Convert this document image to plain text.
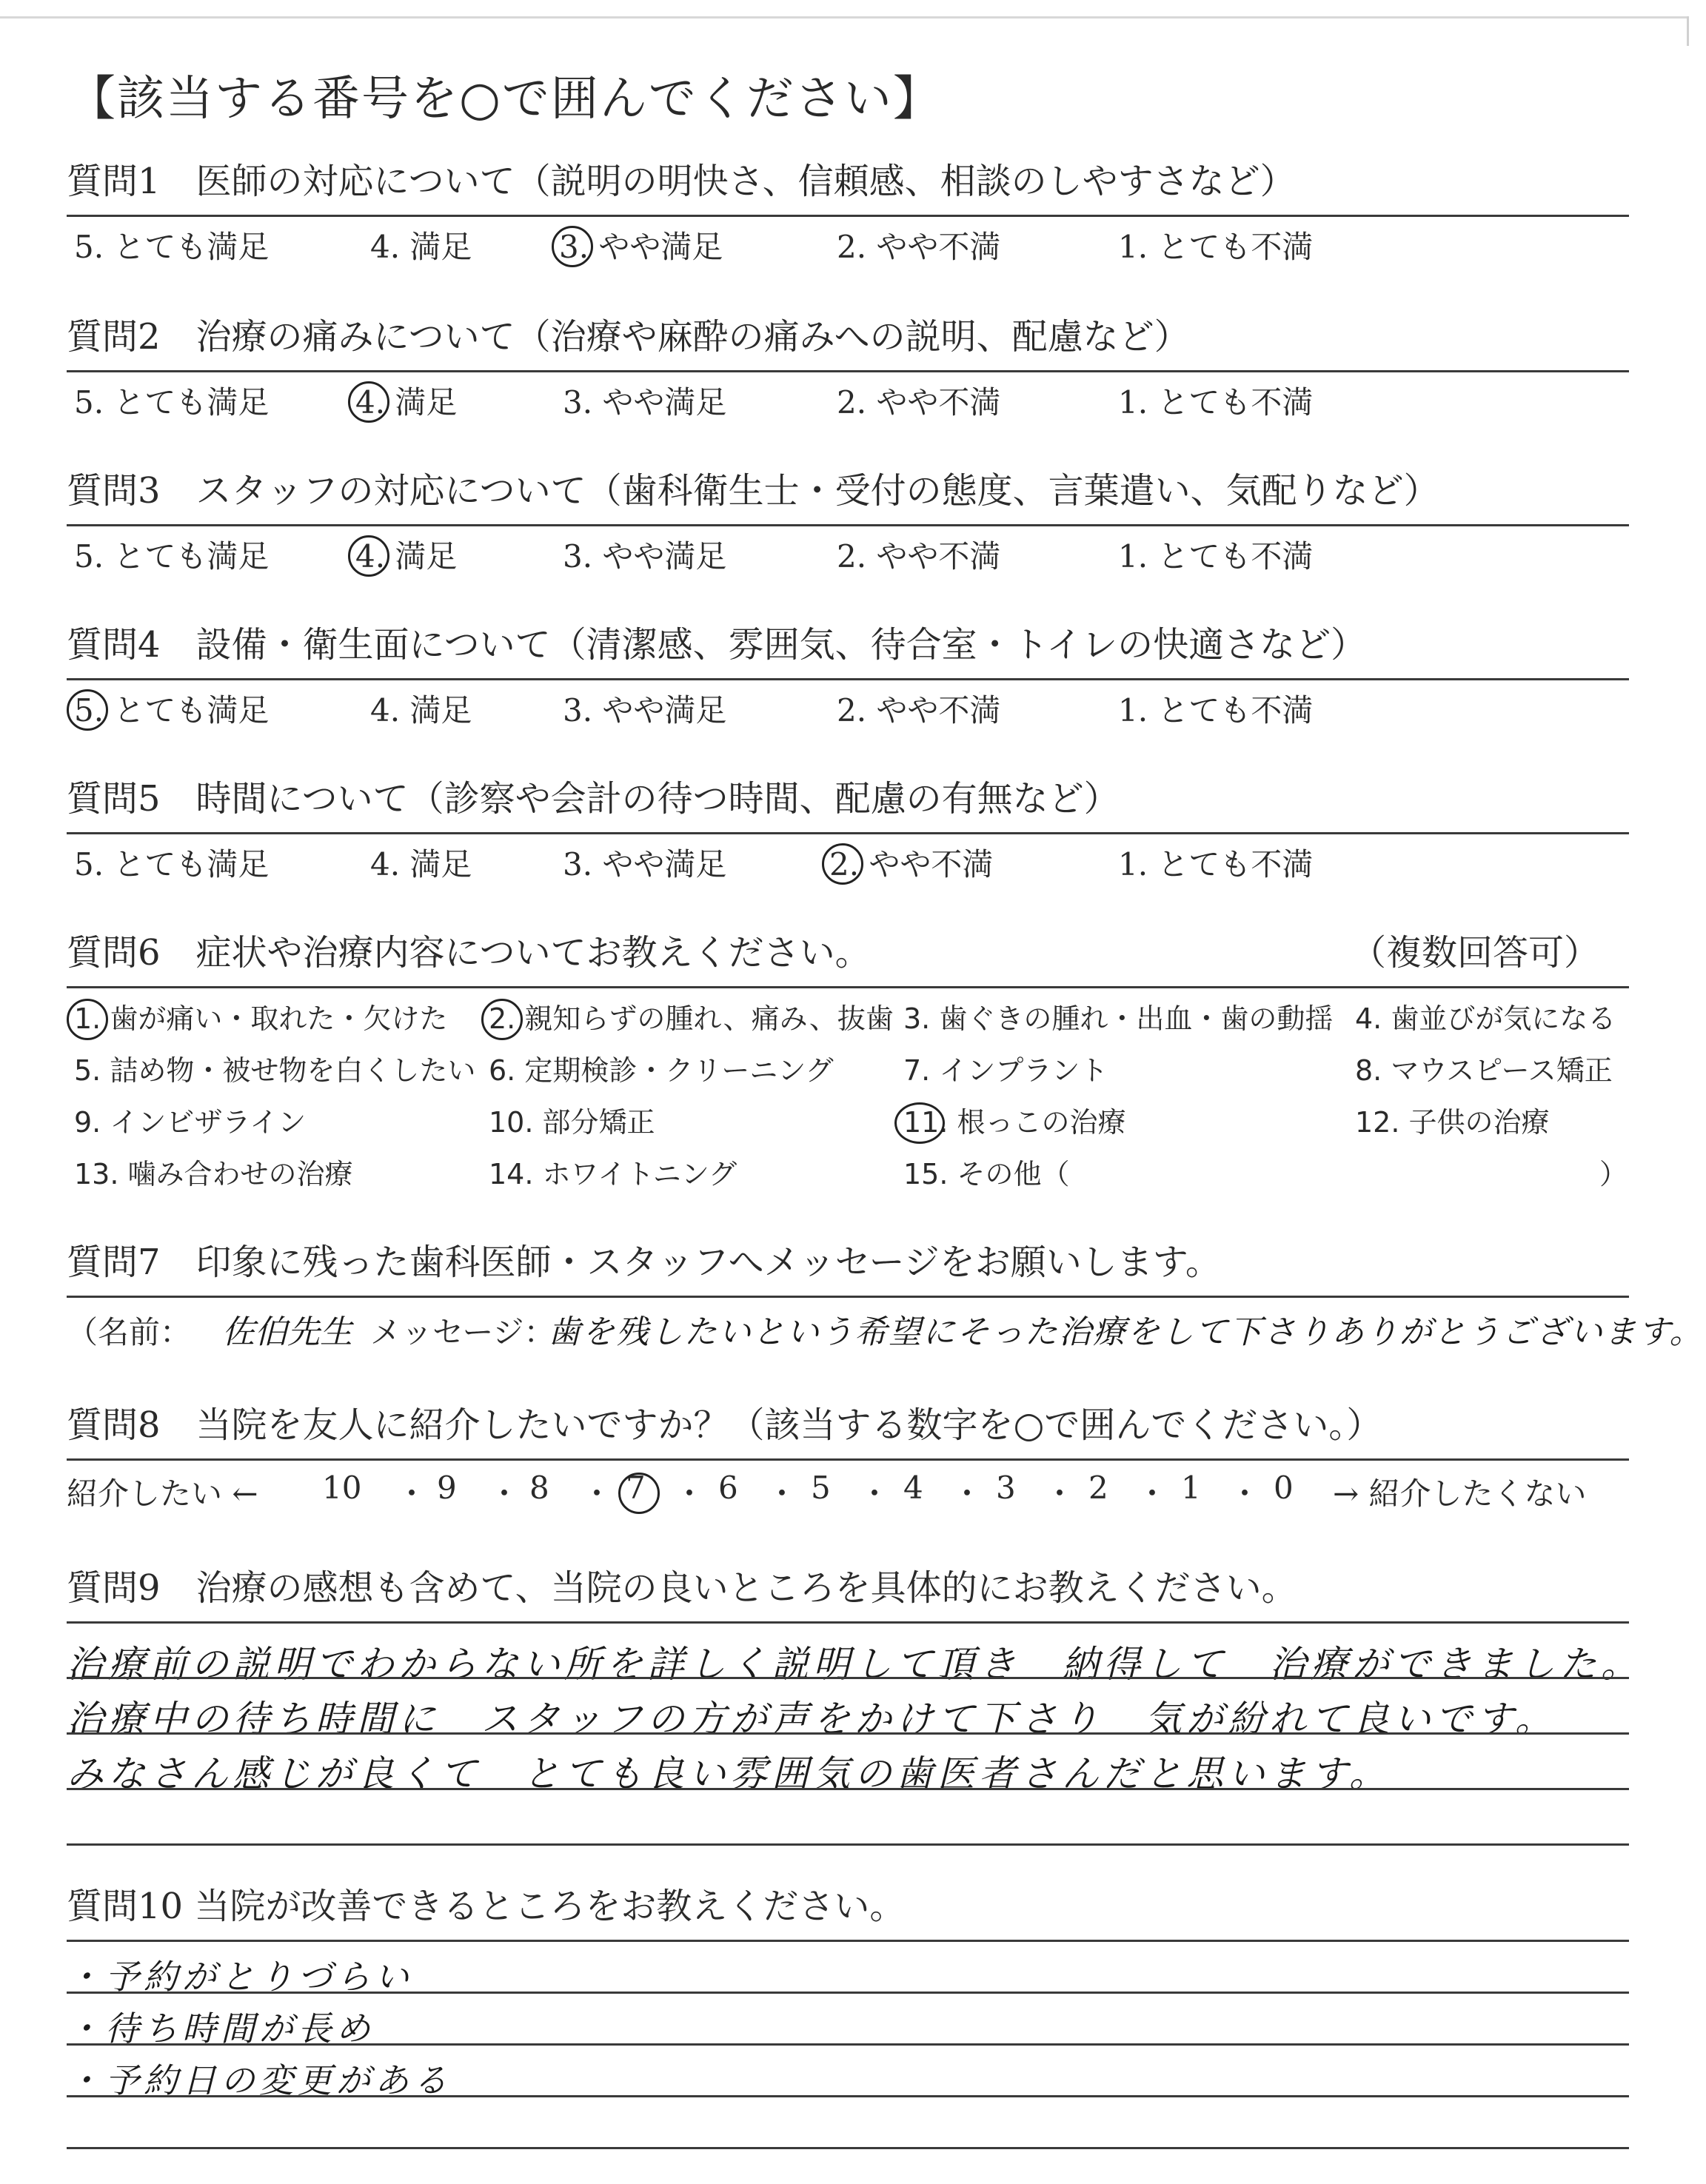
【該当する番号を○で囲んでください】
質問1　医師の対応について（説明の明快さ、信頼感、相談のしやすさなど）
5. とても満足	4. 満足	3. やや満足	2. やや不満	1. とても不満
質問2　治療の痛みについて（治療や麻酔の痛みへの説明、配慮など）
5. とても満足	4. 満足	3. やや満足	2. やや不満	1. とても不満
質問3　スタッフの対応について（歯科衛生士・受付の態度、言葉遣い、気配りなど）
5. とても満足	4. 満足	3. やや満足	2. やや不満	1. とても不満
質問4　設備・衛生面について（清潔感、雰囲気、待合室・トイレの快適さなど）
5. とても満足	4. 満足	3. やや満足	2. やや不満	1. とても不満
質問5　時間について（診察や会計の待つ時間、配慮の有無など）
5. とても満足	4. 満足	3. やや満足	2. やや不満	1. とても不満
質問6　症状や治療内容についてお教えください。	（複数回答可）
1. 歯が痛い・取れた・欠けた 2. 親知らずの腫れ、痛み、抜歯 3. 歯ぐきの腫れ・出血・歯の動揺 4. 歯並びが気になる
5. 詰め物・被せ物を白くしたい 6. 定期検診・クリーニング 7. インプラント	8. マウスピース矯正
9. インビザライン	10. 部分矯正	11. 根っこの治療	12. 子供の治療
13. 噛み合わせの治療	14. ホワイトニング	15. その他（	）
質問7　印象に残った歯科医師・スタッフへメッセージをお願いします。
（名前： 佐伯先生 メッセージ：
歯を残したいという希望にそった治療をして下さりありがとうございます。
質問8　当院を友人に紹介したいですか？（該当する数字を○で囲んでください。）
紹介したい ← 10 ・ 9 ・ 8 ・ 7 ・ 6 ・ 5 ・ 4 ・ 3 ・ 2 ・ 1 ・ 0 → 紹介したくない
質問9　治療の感想も含めて、当院の良いところを具体的にお教えください。
治療前の説明でわからない所を詳しく説明して頂き　納得して　治療ができました。
治療中の待ち時間に　スタッフの方が声をかけて下さり　気が紛れて良いです。
みなさん感じが良くて　とても良い雰囲気の歯医者さんだと思います。
質問10 当院が改善できるところをお教えください。
・予約がとりづらい
・待ち時間が長め
・予約日の変更がある
